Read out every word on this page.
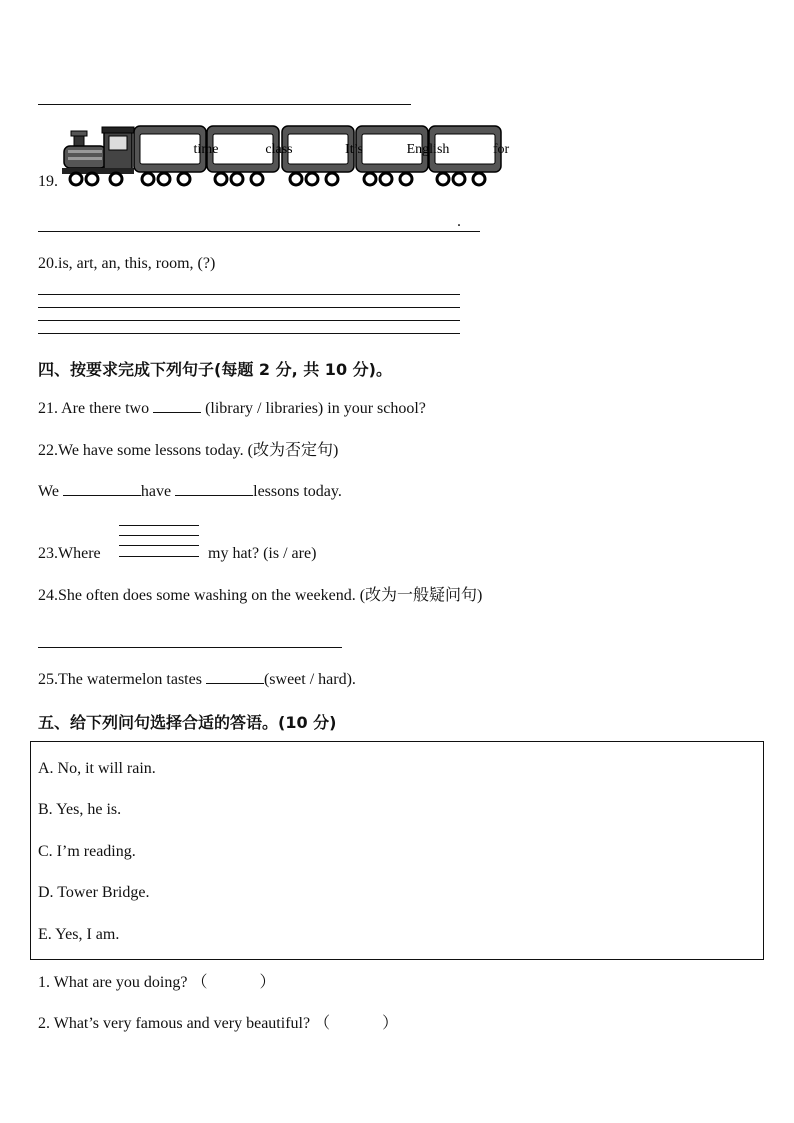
19.
time	class	It’s	English	for
.
20.is, art, an, this, room, (?)
四、按要求完成下列句子(每题 2 分, 共 10 分)。
21. Are there two	(library / libraries) in your school?
22.We have some lessons today. (改为否定句)
We	have	lessons today.
23.Where	my hat? (is / are)
24.She often does some washing on the weekend. (改为一般疑问句)
25.The watermelon tastes	(sweet / hard).
五、给下列问句选择合适的答语。(10 分)
A. No, it will rain.
B. Yes, he is.
C. I’m reading.
D. Tower Bridge.
E. Yes, I am.
1. What are you doing? （	）
2. What’s very famous and very beautiful? （	）
